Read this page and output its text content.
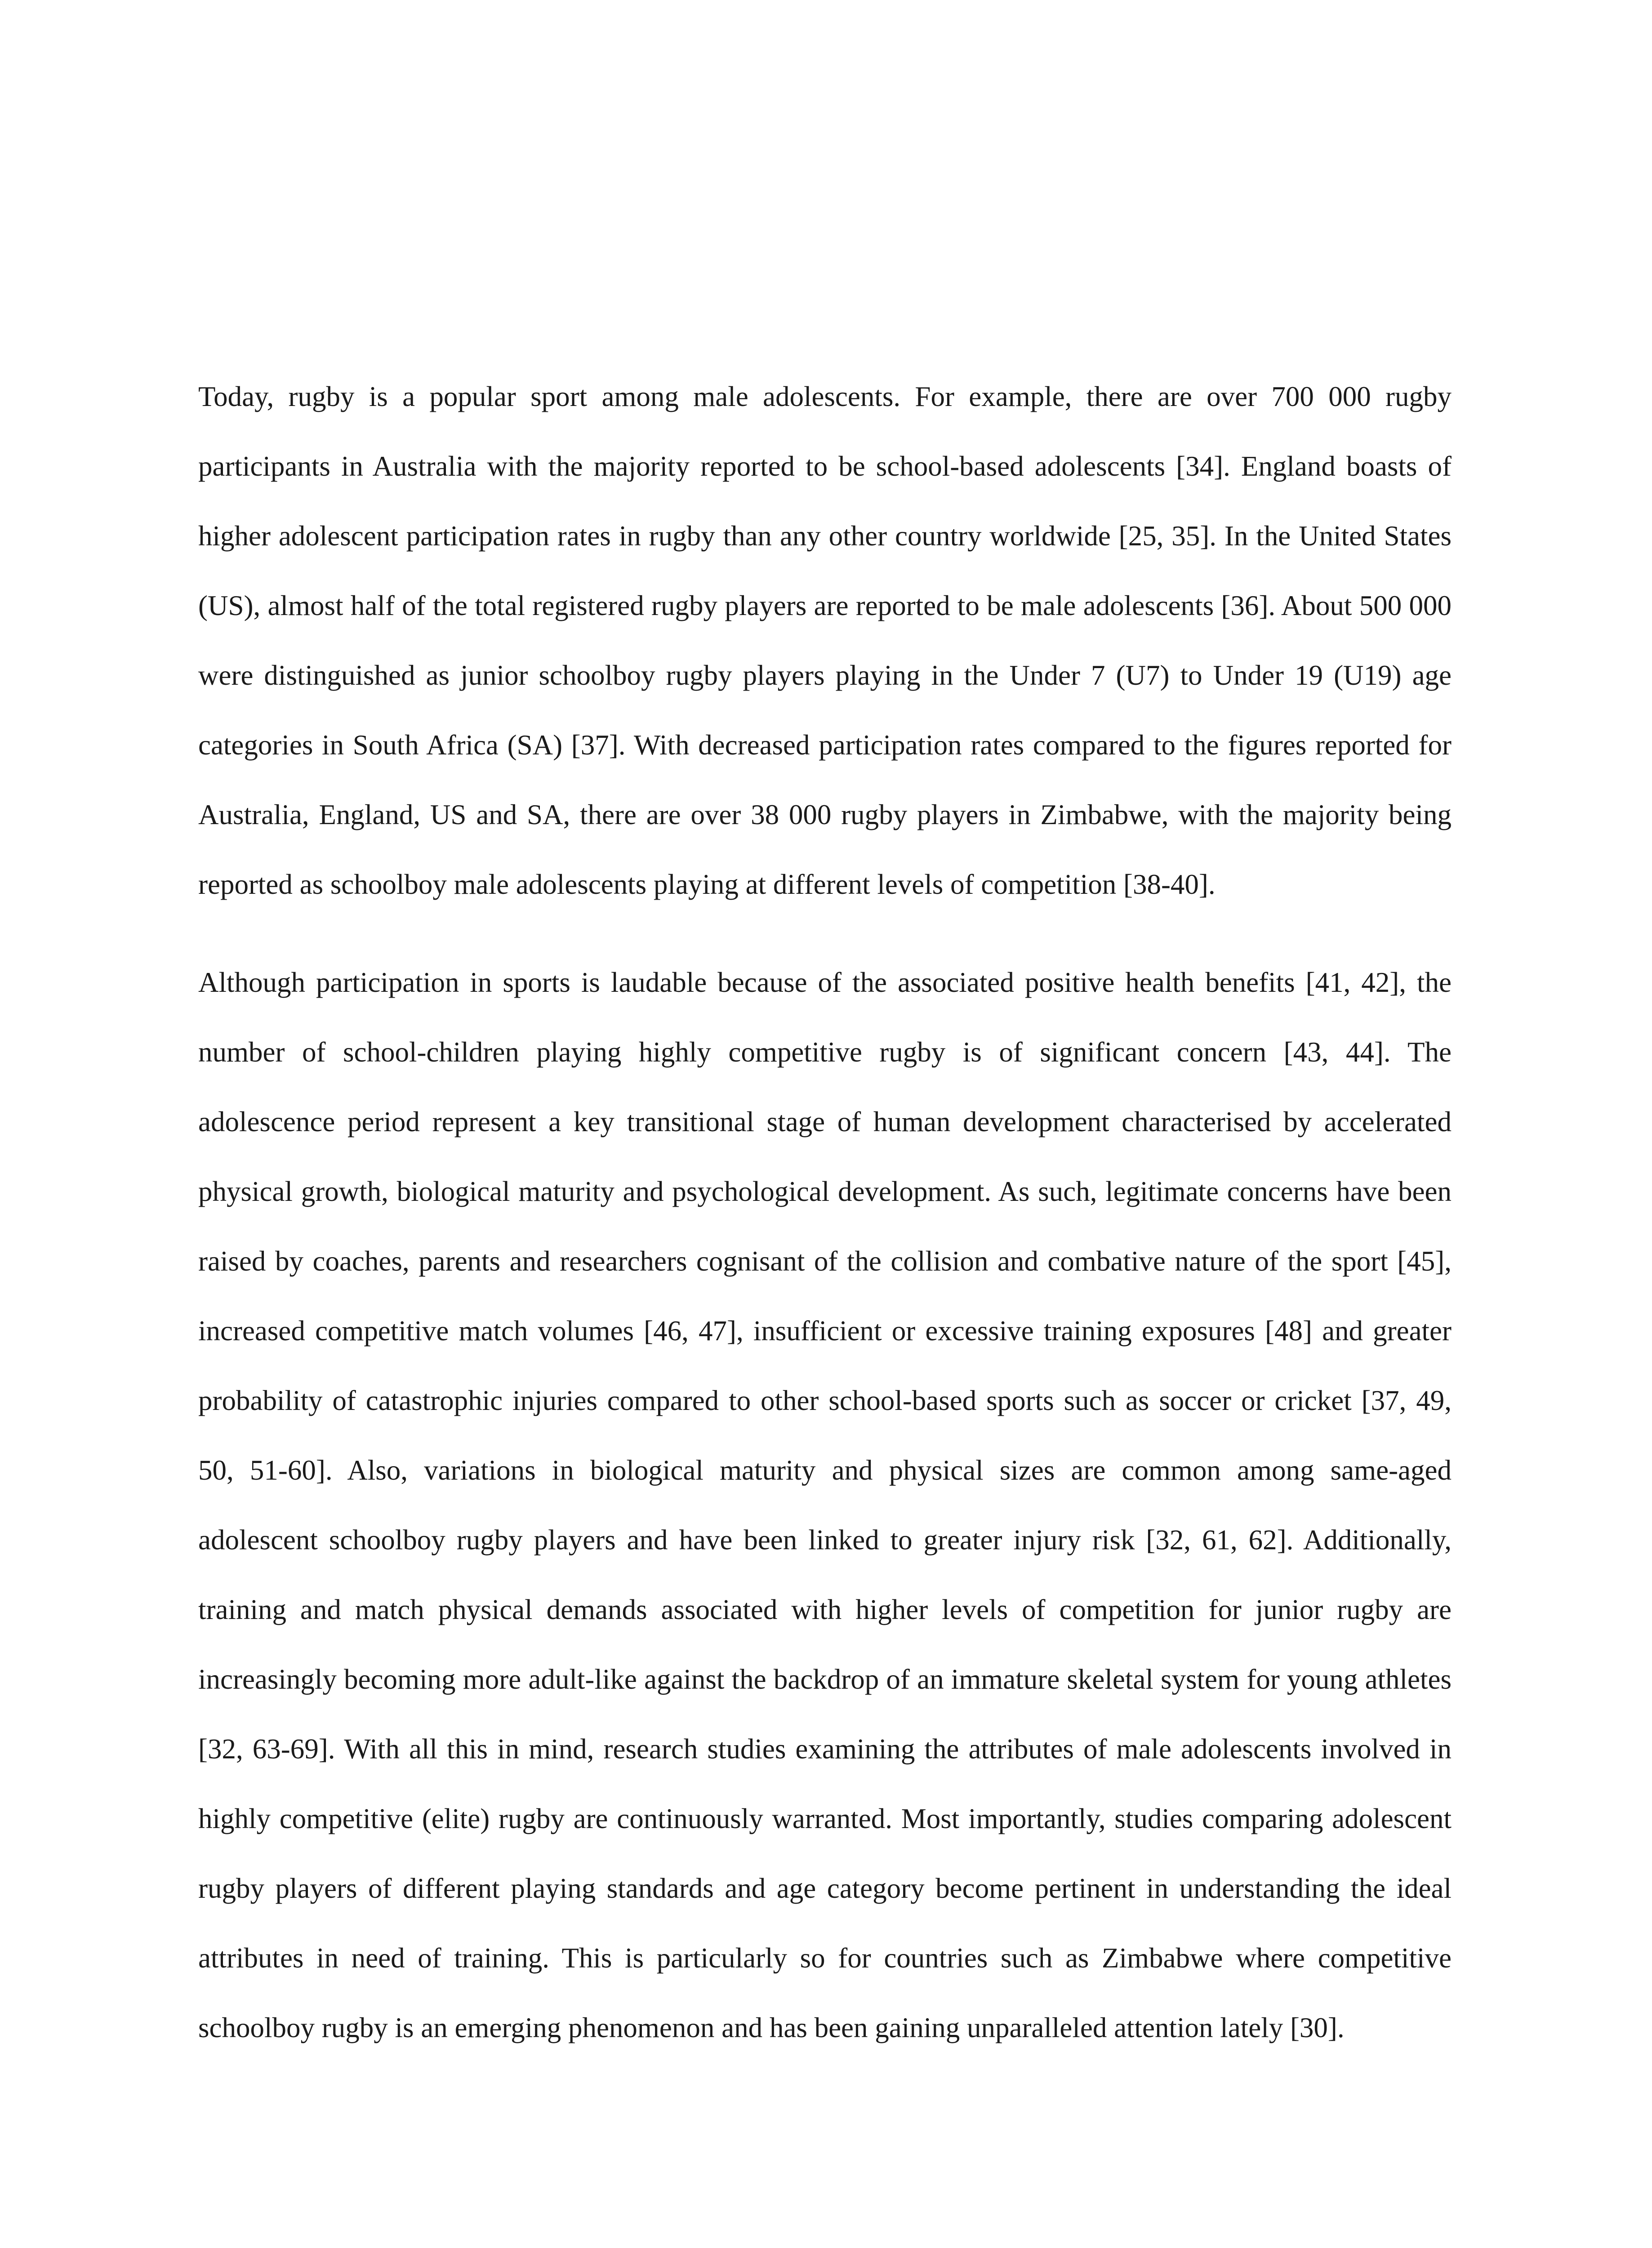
Today, rugby is a popular sport among male adolescents. For example, there are over 700 000 rugby participants in Australia with the majority reported to be school-based adolescents [34]. England boasts of higher adolescent participation rates in rugby than any other country worldwide [25, 35]. In the United States (US), almost half of the total registered rugby players are reported to be male adolescents [36]. About 500 000 were distinguished as junior schoolboy rugby players playing in the Under 7 (U7) to Under 19 (U19) age categories in South Africa (SA) [37]. With decreased participation rates compared to the figures reported for Australia, England, US and SA, there are over 38 000 rugby players in Zimbabwe, with the majority being reported as schoolboy male adolescents playing at different levels of competition [38-40].

Although participation in sports is laudable because of the associated positive health benefits [41, 42], the number of school-children playing highly competitive rugby is of significant concern [43, 44]. The adolescence period represent a key transitional stage of human development characterised by accelerated physical growth, biological maturity and psychological development. As such, legitimate concerns have been raised by coaches, parents and researchers cognisant of the collision and combative nature of the sport [45], increased competitive match volumes [46, 47], insufficient or excessive training exposures [48] and greater probability of catastrophic injuries compared to other school-based sports such as soccer or cricket [37, 49, 50, 51-60]. Also, variations in biological maturity and physical sizes are common among same-aged adolescent schoolboy rugby players and have been linked to greater injury risk [32, 61, 62]. Additionally, training and match physical demands associated with higher levels of competition for junior rugby are increasingly becoming more adult-like against the backdrop of an immature skeletal system for young athletes [32, 63-69]. With all this in mind, research studies examining the attributes of male adolescents involved in highly competitive (elite) rugby are continuously warranted. Most importantly, studies comparing adolescent rugby players of different playing standards and age category become pertinent in understanding the ideal attributes in need of training. This is particularly so for countries such as Zimbabwe where competitive schoolboy rugby is an emerging phenomenon and has been gaining unparalleled attention lately [30].
